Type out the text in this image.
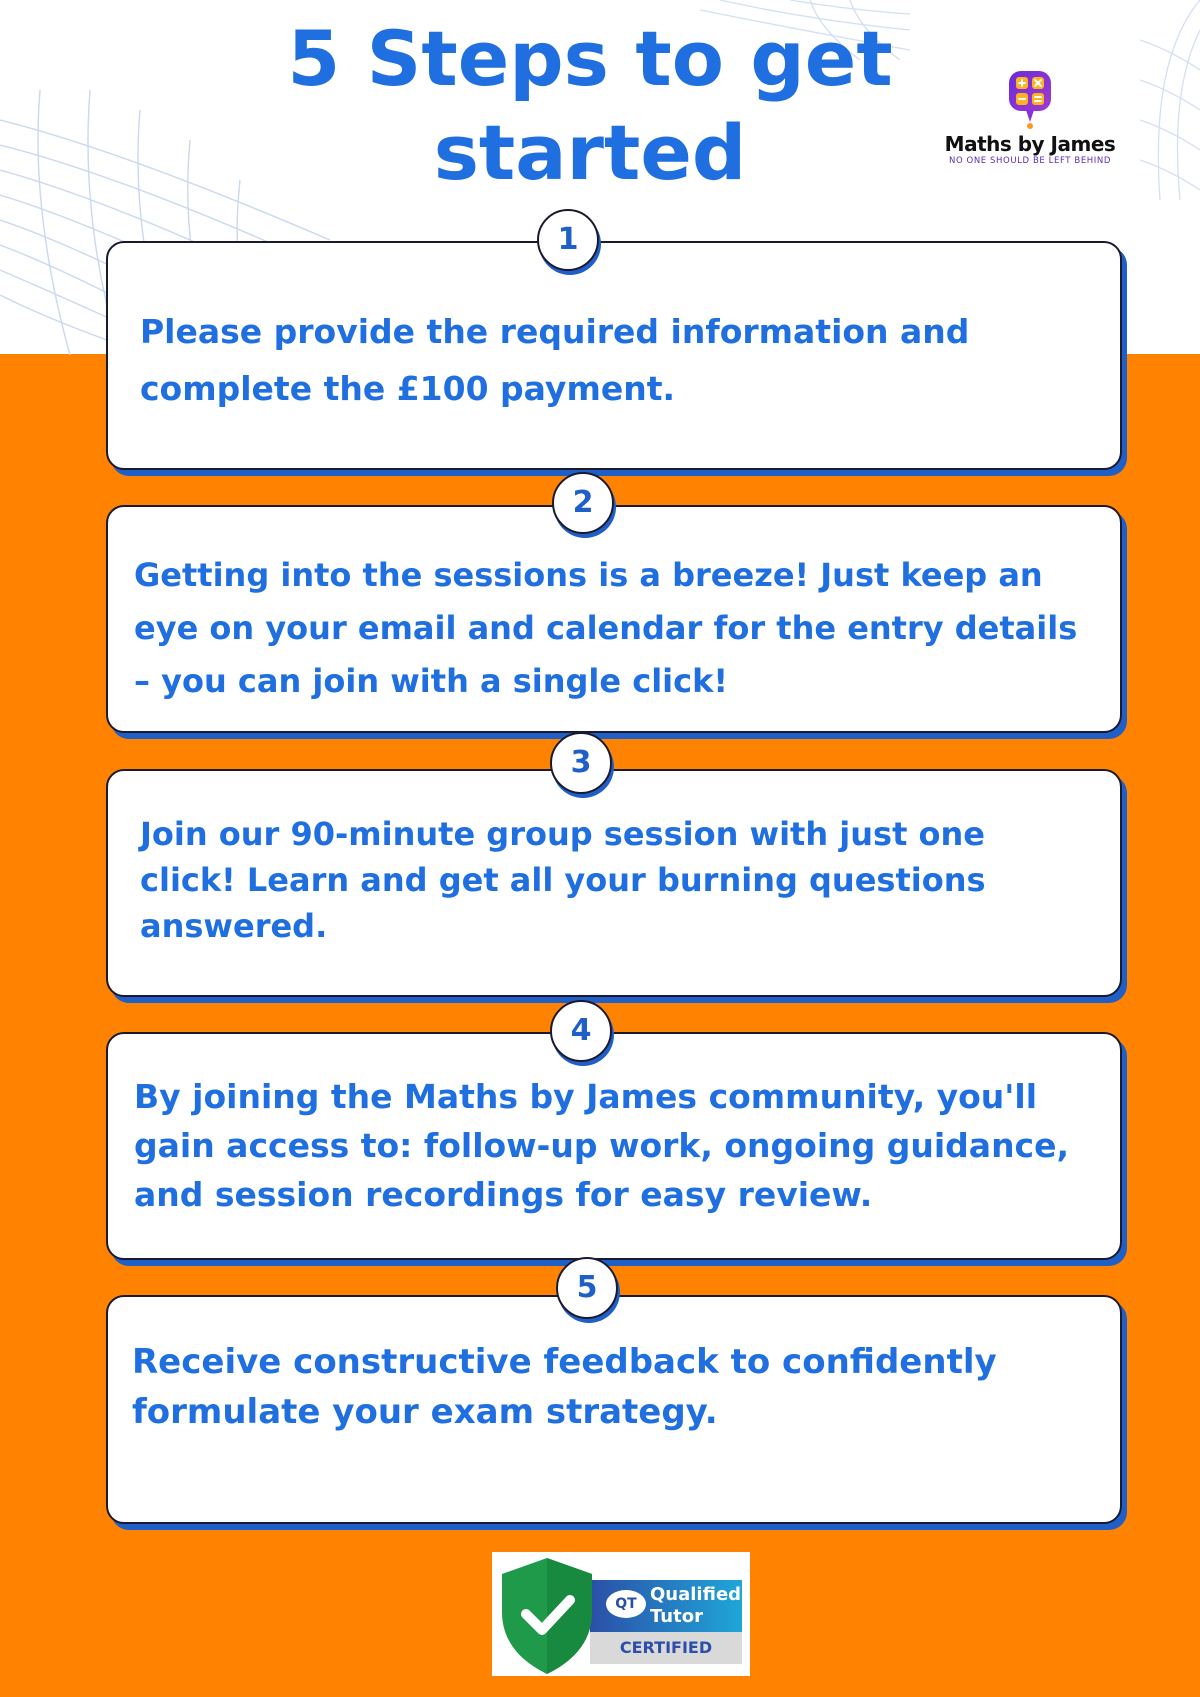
5 Steps to get
started	Maths by James
NO ONE SHOULD BE LEFT BEHIND
Please provide the required information and complete the £100 payment.
1
Getting into the sessions is a breeze! Just keep an eye on your email and calendar for the entry details – you can join with a single click!
2
Join our 90-minute group session with just one click! Learn and get all your burning questions answered.
3
By joining the Maths by James community, you'll gain access to: follow-up work, ongoing guidance, and session recordings for easy review.
4
Receive constructive feedback to confidently formulate your exam strategy.
5
QT Qualified
Tutor
CERTIFIED
